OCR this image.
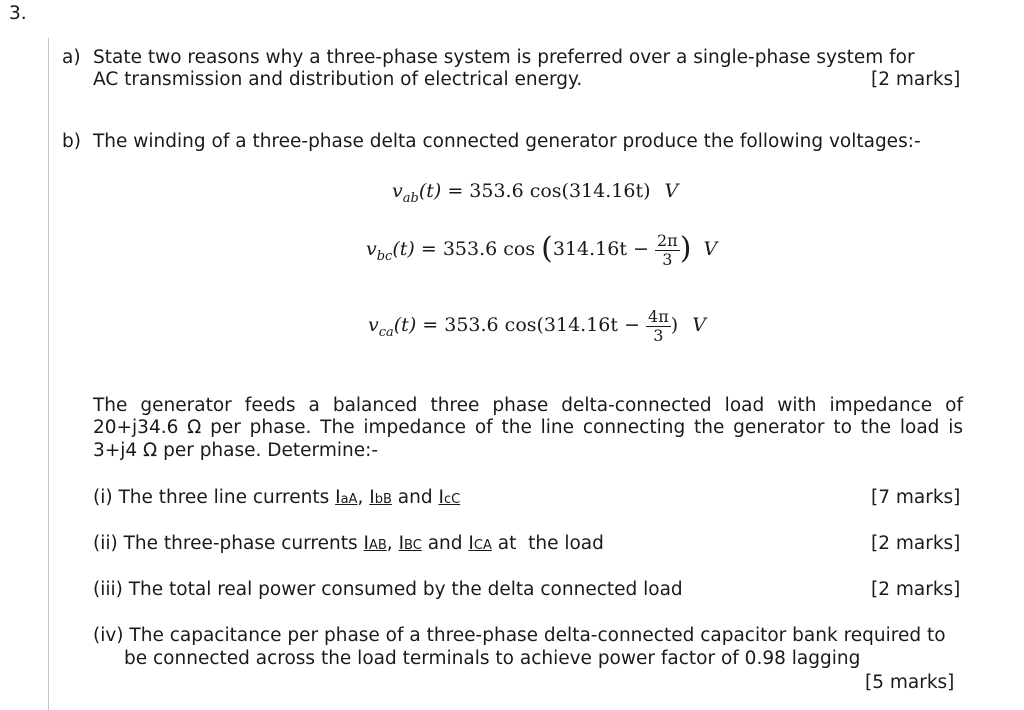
3.
a) State two reasons why a three-phase system is preferred over a single-phase system for
AC transmission and distribution of electrical energy.	[2 marks]
b) The winding of a three-phase delta connected generator produce the following voltages:-
$v_{ab}(t) = 353.6$ cos(314.16t) V
$v_{bc}(t) = 353.6$ $\cos (314.16t - \frac{2\pi}{3}$ ) V
$v_{ca}(t) = 353.6$ $\cos(314.16t - \frac{4\pi}{3}$ ) V
The generator feeds a balanced three phase delta-connected load with impedance of
20+j34.6 Ω per phase. The impedance of the line connecting the generator to the load is
3+j4 Ω per phase. Determine:-
(i) The three line currents IaA, IbB and IcC	[7 marks]
(ii) The three-phase currents IAB, IBC and ICA at  the load	[2 marks]
(iii) The total real power consumed by the delta connected load	[2 marks]
(iv) The capacitance per phase of a three-phase delta-connected capacitor bank required to
be connected across the load terminals to achieve power factor of 0.98 lagging
[5 marks]
